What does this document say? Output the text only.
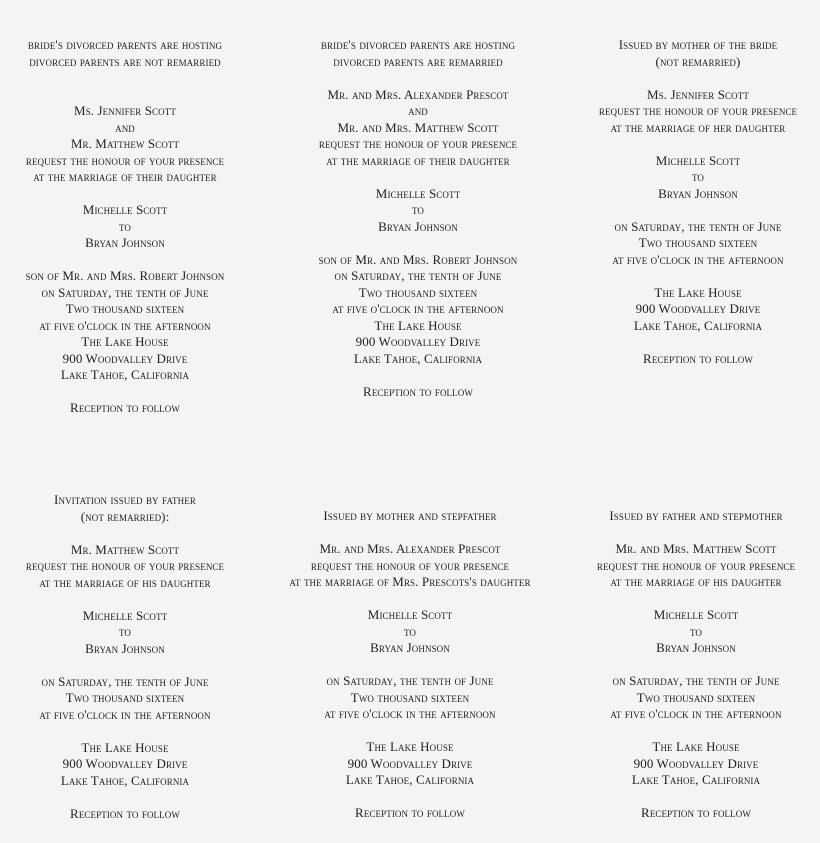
bride's divorced parents are hosting
divorced parents are not remarried
Ms. Jennifer Scott
and
Mr. Matthew Scott
request the honour of your presence
at the marriage of their daughter
Michelle Scott
to
Bryan Johnson
son of Mr. and Mrs. Robert Johnson
on Saturday, the tenth of June
Two thousand sixteen
at five o'clock in the afternoon
The Lake House
900 Woodvalley Drive
Lake Tahoe, California
Reception to follow
bride's divorced parents are hosting
divorced parents are remarried
Mr. and Mrs. Alexander Prescot
and
Mr. and Mrs. Matthew Scott
request the honour of your presence
at the marriage of their daughter
Michelle Scott
to
Bryan Johnson
son of Mr. and Mrs. Robert Johnson
on Saturday, the tenth of June
Two thousand sixteen
at five o'clock in the afternoon
The Lake House
900 Woodvalley Drive
Lake Tahoe, California
Reception to follow
Issued by mother of the bride
(not remarried)
Ms. Jennifer Scott
request the honour of your presence
at the marriage of her daughter
Michelle Scott
to
Bryan Johnson
on Saturday, the tenth of June
Two thousand sixteen
at five o'clock in the afternoon
The Lake House
900 Woodvalley Drive
Lake Tahoe, California
Reception to follow
Invitation issued by father
(not remarried):
Mr. Matthew Scott
request the honour of your presence
at the marriage of his daughter
Michelle Scott
to
Bryan Johnson
on Saturday, the tenth of June
Two thousand sixteen
at five o'clock in the afternoon
The Lake House
900 Woodvalley Drive
Lake Tahoe, California
Reception to follow
Issued by mother and stepfather
Mr. and Mrs. Alexander Prescot
request the honour of your presence
at the marriage of Mrs. Prescots's daughter
Michelle Scott
to
Bryan Johnson
on Saturday, the tenth of June
Two thousand sixteen
at five o'clock in the afternoon
The Lake House
900 Woodvalley Drive
Lake Tahoe, California
Reception to follow
Issued by father and stepmother
Mr. and Mrs. Matthew Scott
request the honour of your presence
at the marriage of his daughter
Michelle Scott
to
Bryan Johnson
on Saturday, the tenth of June
Two thousand sixteen
at five o'clock in the afternoon
The Lake House
900 Woodvalley Drive
Lake Tahoe, California
Reception to follow
